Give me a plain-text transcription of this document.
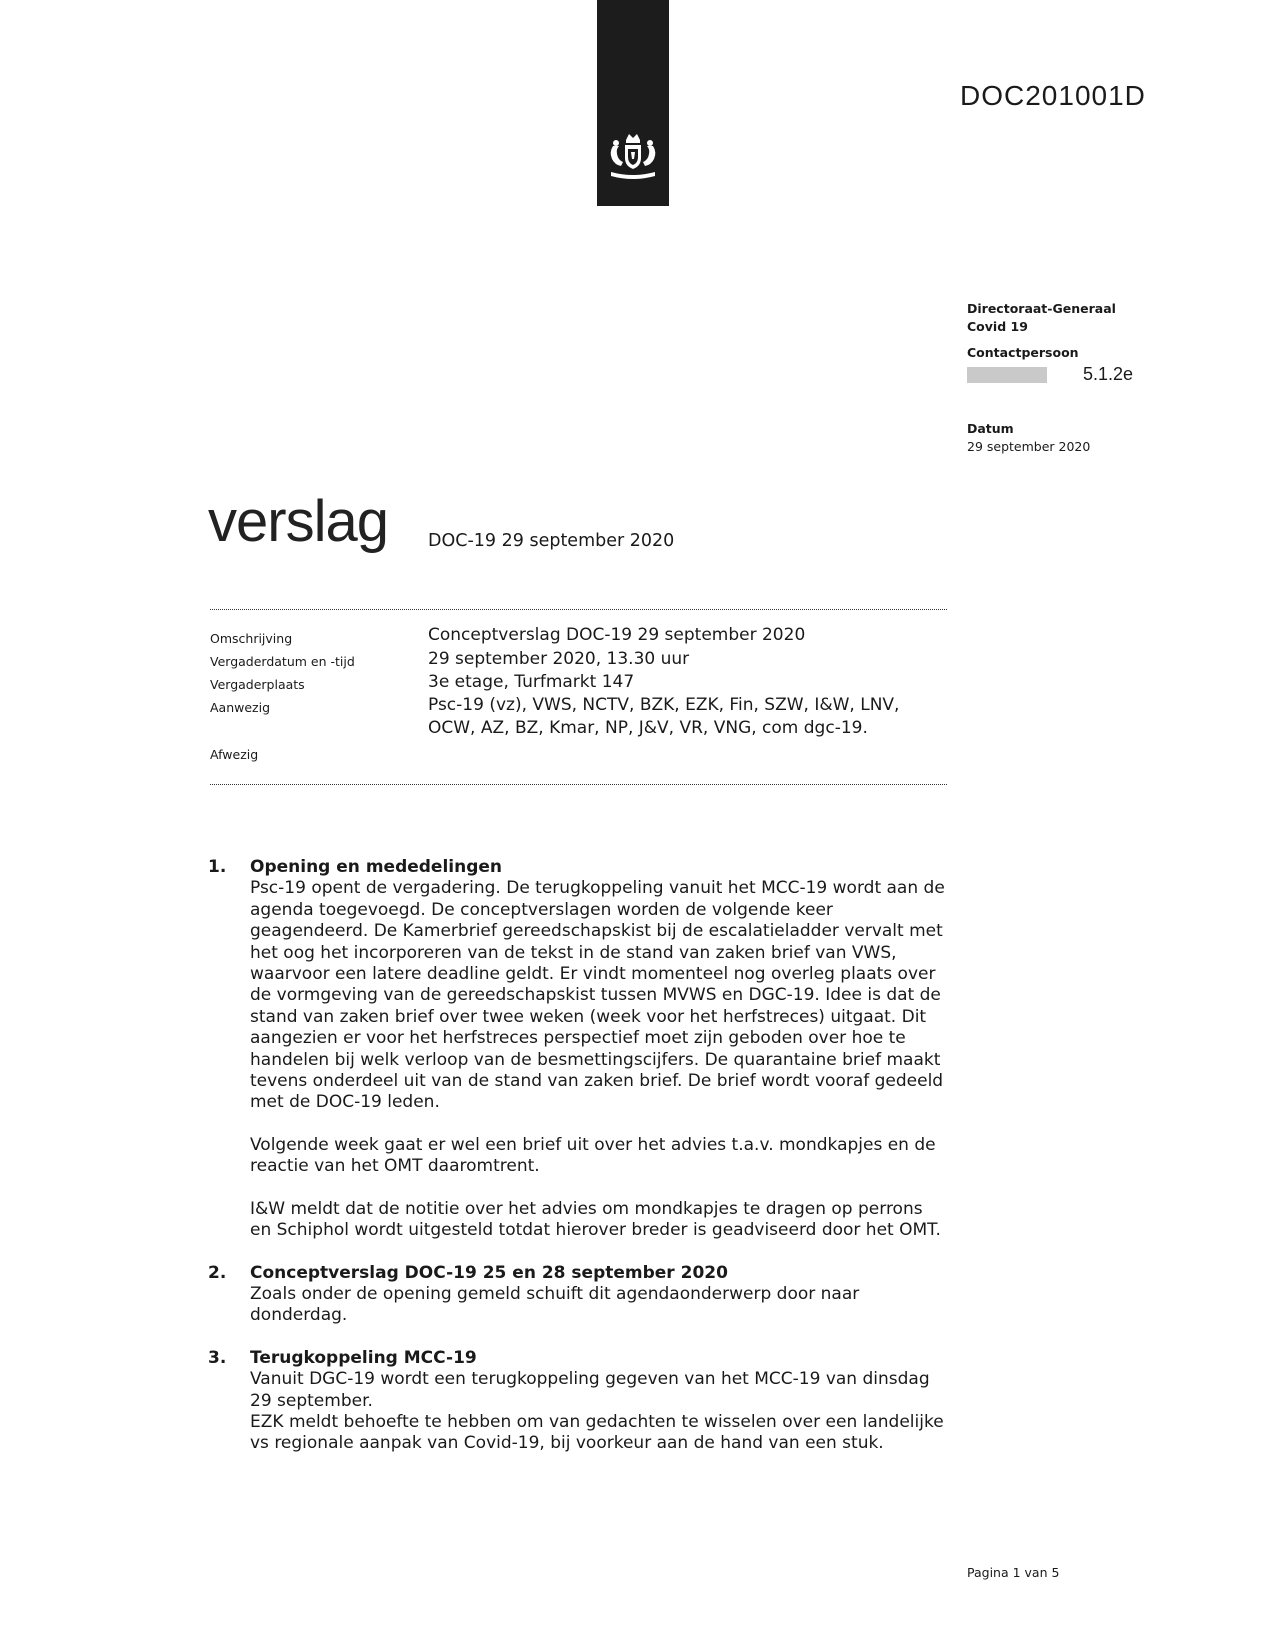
DOC201001D
Directoraat-Generaal
Covid 19
Contactpersoon
5.1.2e
Datum
29 september 2020
verslag DOC-19 29 september 2020
Omschrijving	Conceptverslag DOC-19 29 september 2020
Vergaderdatum en -tijd	29 september 2020, 13.30 uur
Vergaderplaats	3e etage, Turfmarkt 147
Aanwezig	Psc-19 (vz), VWS, NCTV, BZK, EZK, Fin, SZW, I&W, LNV,
OCW, AZ, BZ, Kmar, NP, J&V, VR, VNG, com dgc-19.
Afwezig
1. Opening en mededelingen

Psc-19 opent de vergadering. De terugkoppeling vanuit het MCC-19 wordt aan de agenda toegevoegd. De conceptverslagen worden de volgende keer geagendeerd. De Kamerbrief gereedschapskist bij de escalatieladder vervalt met het oog het incorporeren van de tekst in de stand van zaken brief van VWS, waarvoor een latere deadline geldt. Er vindt momenteel nog overleg plaats over de vormgeving van de gereedschapskist tussen MVWS en DGC-19. Idee is dat de stand van zaken brief over twee weken (week voor het herfstreces) uitgaat. Dit aangezien er voor het herfstreces perspectief moet zijn geboden over hoe te handelen bij welk verloop van de besmettingscijfers. De quarantaine brief maakt tevens onderdeel uit van de stand van zaken brief. De brief wordt vooraf gedeeld met de DOC-19 leden.

Volgende week gaat er wel een brief uit over het advies t.a.v. mondkapjes en de reactie van het OMT daaromtrent.

I&W meldt dat de notitie over het advies om mondkapjes te dragen op perrons en Schiphol wordt uitgesteld totdat hierover breder is geadviseerd door het OMT.

2. Conceptverslag DOC-19 25 en 28 september 2020

Zoals onder de opening gemeld schuift dit agendaonderwerp door naar donderdag.

3. Terugkoppeling MCC-19

Vanuit DGC-19 wordt een terugkoppeling gegeven van het MCC-19 van dinsdag 29 september.
EZK meldt behoefte te hebben om van gedachten te wisselen over een landelijke vs regionale aanpak van Covid-19, bij voorkeur aan de hand van een stuk.

Pagina 1 van 5
